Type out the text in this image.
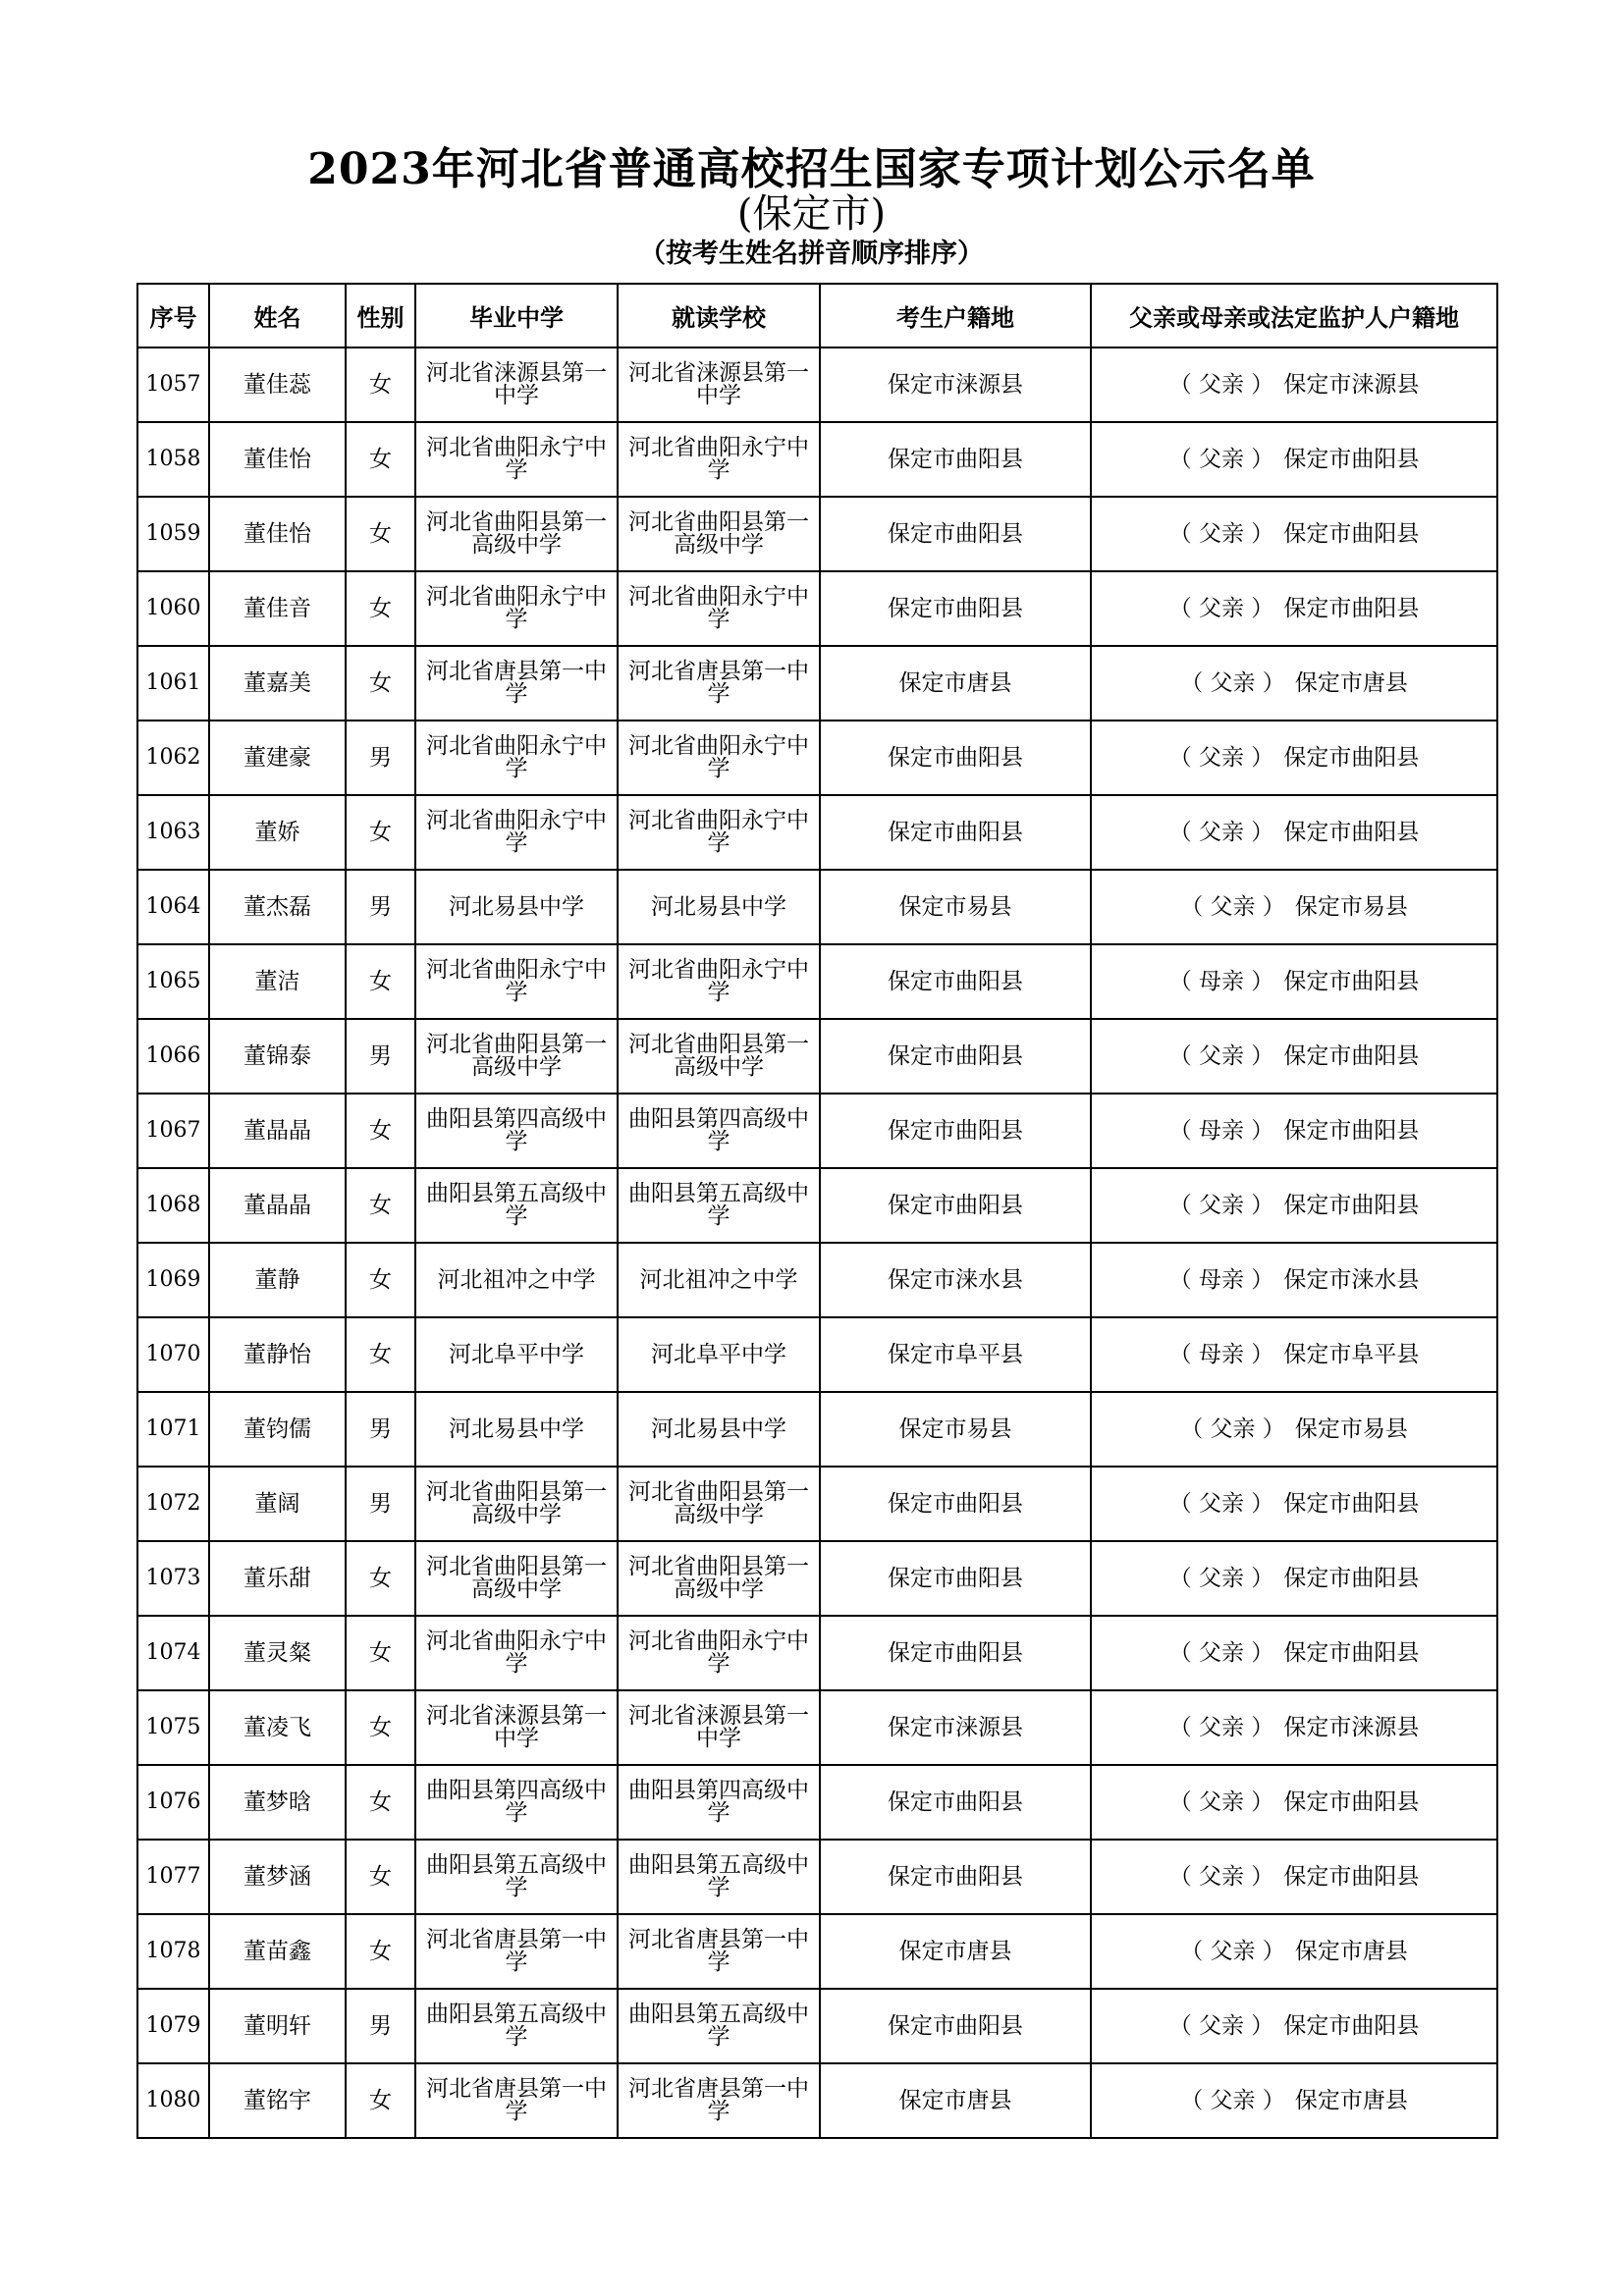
2023年河北省普通高校招生国家专项计划公示名单
(保定市)
（按考生姓名拼音顺序排序）
序号	姓名	性别	毕业中学	就读学校	考生户籍地	父亲或母亲或法定监护人户籍地
1057	董佳蕊	女	河北省涞源县第一中学	河北省涞源县第一中学	保定市涞源县	（ 父亲 ） 保定市涞源县
1058	董佳怡	女	河北省曲阳永宁中学	河北省曲阳永宁中学	保定市曲阳县	（ 父亲 ） 保定市曲阳县
1059	董佳怡	女	河北省曲阳县第一高级中学	河北省曲阳县第一高级中学	保定市曲阳县	（ 父亲 ） 保定市曲阳县
1060	董佳音	女	河北省曲阳永宁中学	河北省曲阳永宁中学	保定市曲阳县	（ 父亲 ） 保定市曲阳县
1061	董嘉美	女	河北省唐县第一中学	河北省唐县第一中学	保定市唐县	（ 父亲 ） 保定市唐县
1062	董建豪	男	河北省曲阳永宁中学	河北省曲阳永宁中学	保定市曲阳县	（ 父亲 ） 保定市曲阳县
1063	董娇	女	河北省曲阳永宁中学	河北省曲阳永宁中学	保定市曲阳县	（ 父亲 ） 保定市曲阳县
1064	董杰磊	男	河北易县中学	河北易县中学	保定市易县	（ 父亲 ） 保定市易县
1065	董洁	女	河北省曲阳永宁中学	河北省曲阳永宁中学	保定市曲阳县	（ 母亲 ） 保定市曲阳县
1066	董锦泰	男	河北省曲阳县第一高级中学	河北省曲阳县第一高级中学	保定市曲阳县	（ 父亲 ） 保定市曲阳县
1067	董晶晶	女	曲阳县第四高级中学	曲阳县第四高级中学	保定市曲阳县	（ 母亲 ） 保定市曲阳县
1068	董晶晶	女	曲阳县第五高级中学	曲阳县第五高级中学	保定市曲阳县	（ 父亲 ） 保定市曲阳县
1069	董静	女	河北祖冲之中学	河北祖冲之中学	保定市涞水县	（ 母亲 ） 保定市涞水县
1070	董静怡	女	河北阜平中学	河北阜平中学	保定市阜平县	（ 母亲 ） 保定市阜平县
1071	董钧儒	男	河北易县中学	河北易县中学	保定市易县	（ 父亲 ） 保定市易县
1072	董阔	男	河北省曲阳县第一高级中学	河北省曲阳县第一高级中学	保定市曲阳县	（ 父亲 ） 保定市曲阳县
1073	董乐甜	女	河北省曲阳县第一高级中学	河北省曲阳县第一高级中学	保定市曲阳县	（ 父亲 ） 保定市曲阳县
1074	董灵粲	女	河北省曲阳永宁中学	河北省曲阳永宁中学	保定市曲阳县	（ 父亲 ） 保定市曲阳县
1075	董凌飞	女	河北省涞源县第一中学	河北省涞源县第一中学	保定市涞源县	（ 父亲 ） 保定市涞源县
1076	董梦晗	女	曲阳县第四高级中学	曲阳县第四高级中学	保定市曲阳县	（ 父亲 ） 保定市曲阳县
1077	董梦涵	女	曲阳县第五高级中学	曲阳县第五高级中学	保定市曲阳县	（ 父亲 ） 保定市曲阳县
1078	董苗鑫	女	河北省唐县第一中学	河北省唐县第一中学	保定市唐县	（ 父亲 ） 保定市唐县
1079	董明轩	男	曲阳县第五高级中学	曲阳县第五高级中学	保定市曲阳县	（ 父亲 ） 保定市曲阳县
1080	董铭宇	女	河北省唐县第一中学	河北省唐县第一中学	保定市唐县	（ 父亲 ） 保定市唐县
